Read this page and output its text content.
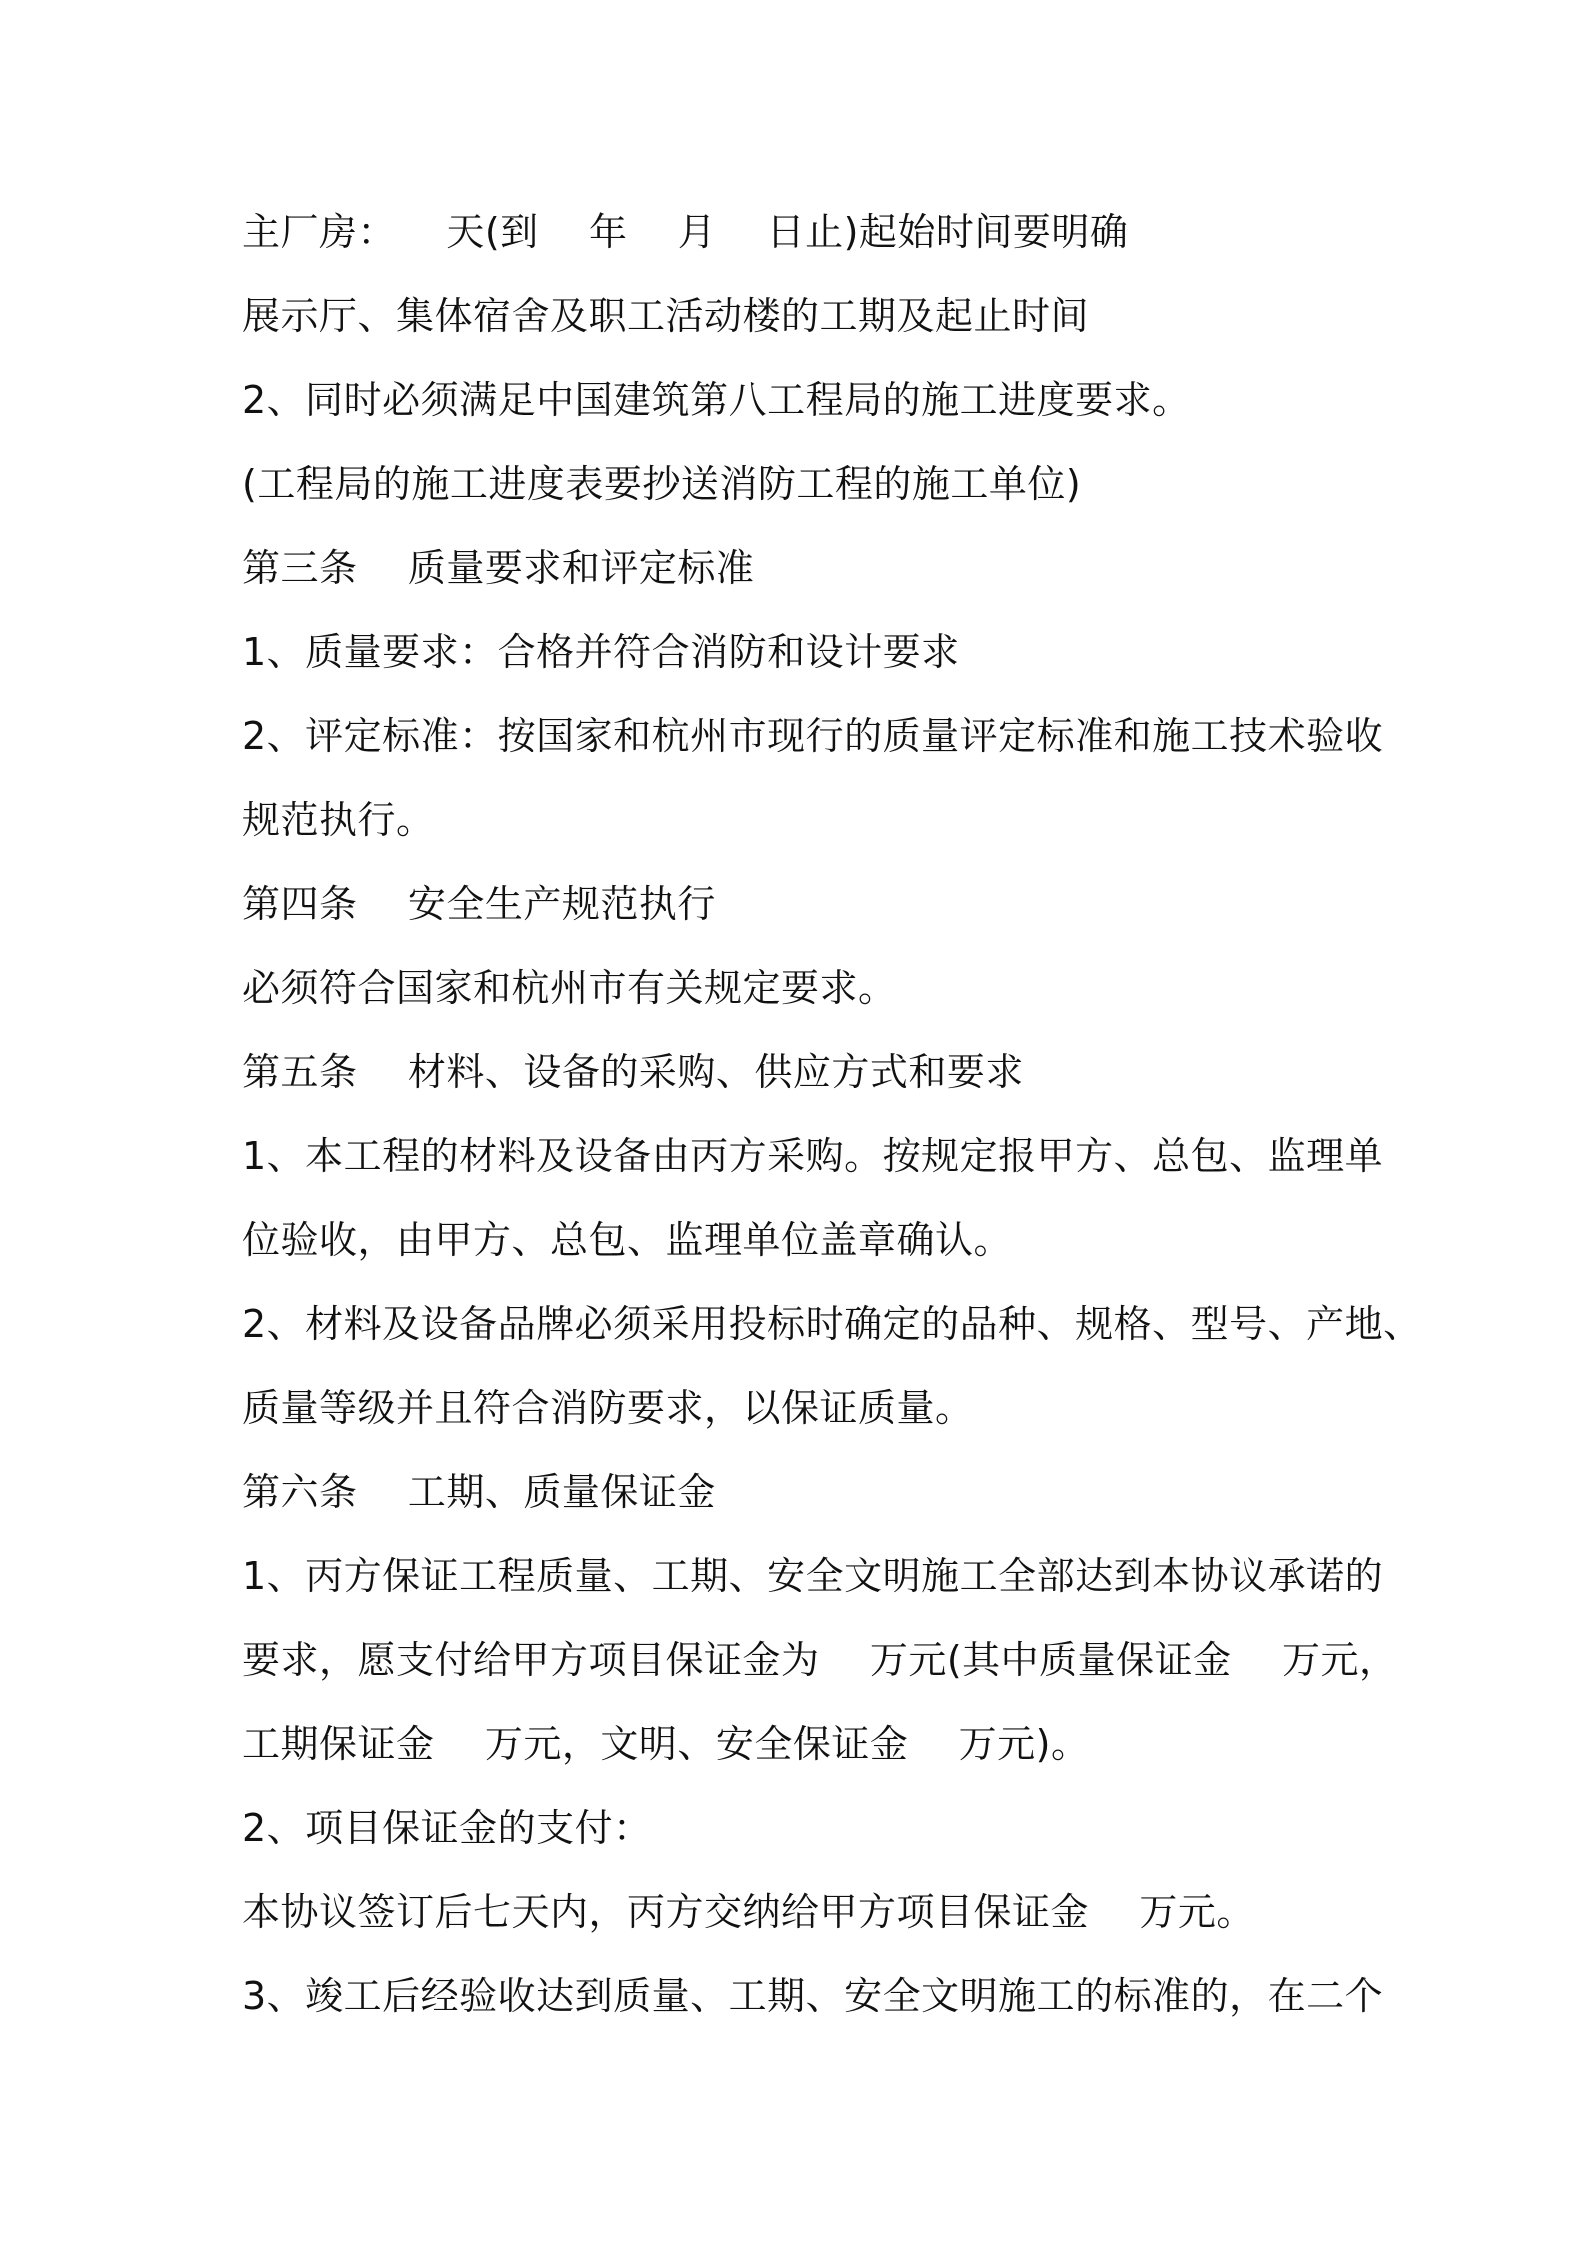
主厂房：    天(到    年    月    日止)起始时间要明确
展示厅、集体宿舍及职工活动楼的工期及起止时间
2、同时必须满足中国建筑第八工程局的施工进度要求。
(工程局的施工进度表要抄送消防工程的施工单位)
第三条    质量要求和评定标准
1、质量要求：合格并符合消防和设计要求
2、评定标准：按国家和杭州市现行的质量评定标准和施工技术验收
规范执行。
第四条    安全生产规范执行
必须符合国家和杭州市有关规定要求。
第五条    材料、设备的采购、供应方式和要求
1、本工程的材料及设备由丙方采购。按规定报甲方、总包、监理单
位验收，由甲方、总包、监理单位盖章确认。
2、材料及设备品牌必须采用投标时确定的品种、规格、型号、产地、
质量等级并且符合消防要求，以保证质量。
第六条    工期、质量保证金
1、丙方保证工程质量、工期、安全文明施工全部达到本协议承诺的
要求，愿支付给甲方项目保证金为    万元(其中质量保证金    万元，
工期保证金    万元，文明、安全保证金    万元)。
2、项目保证金的支付：
本协议签订后七天内，丙方交纳给甲方项目保证金    万元。
3、竣工后经验收达到质量、工期、安全文明施工的标准的，在二个
